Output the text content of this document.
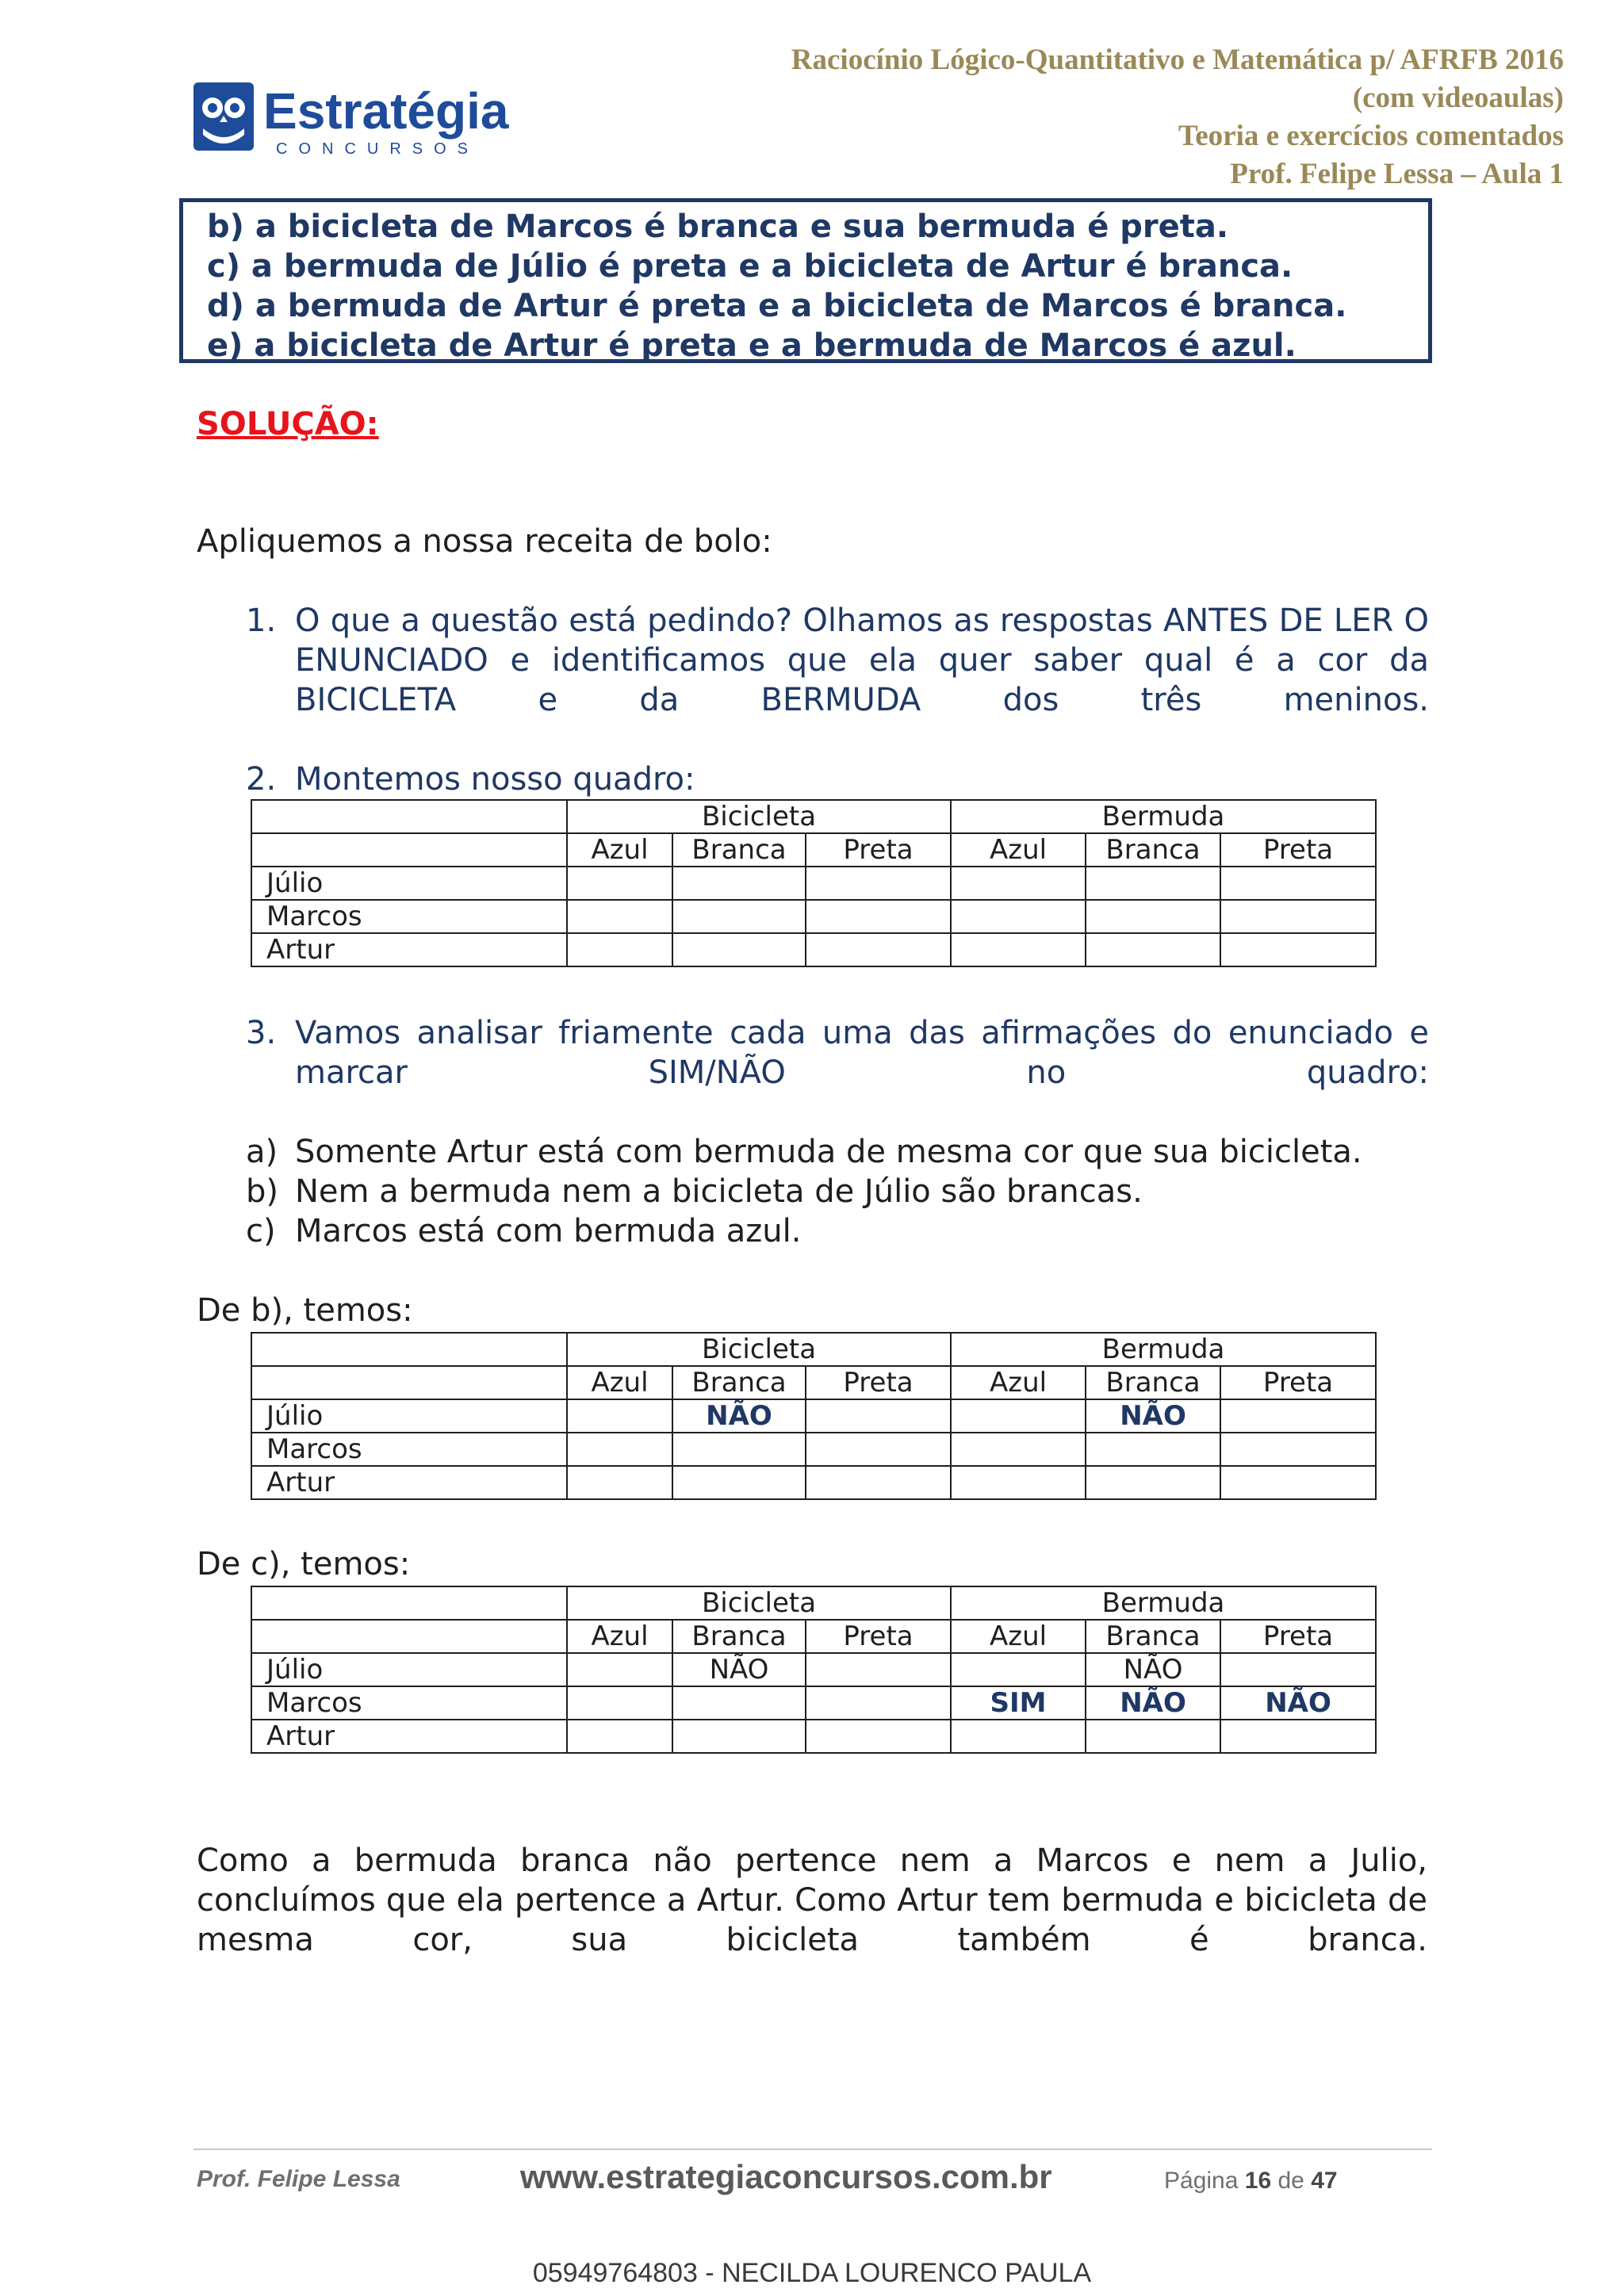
Estratégia
CONCURSOS
Raciocínio Lógico-Quantitativo e Matemática p/ AFRFB 2016
(com videoaulas)
Teoria e exercícios comentados
Prof. Felipe Lessa – Aula 1
b) a bicicleta de Marcos é branca e sua bermuda é preta.
c) a bermuda de Júlio é preta e a bicicleta de Artur é branca.
d) a bermuda de Artur é preta e a bicicleta de Marcos é branca.
e) a bicicleta de Artur é preta e a bermuda de Marcos é azul.
SOLUÇÃO:
Apliquemos a nossa receita de bolo:
1. O que a questão está pedindo? Olhamos as respostas ANTES DE LER O ENUNCIADO e identificamos que ela quer saber qual é a cor da BICICLETA e da BERMUDA dos três meninos.
2. Montemos nosso quadro:
	Bicicleta			Bermuda		
	Azul	Branca	Preta	Azul	Branca	Preta
Júlio						
Marcos						
Artur						
3. Vamos analisar friamente cada uma das afirmações do enunciado e marcar SIM/NÃO no quadro:
a) Somente Artur está com bermuda de mesma cor que sua bicicleta.
b) Nem a bermuda nem a bicicleta de Júlio são brancas.
c) Marcos está com bermuda azul.
De b), temos:
	Bicicleta			Bermuda		
	Azul	Branca	Preta	Azul	Branca	Preta
Júlio		NÃO			NÃO	
Marcos						
Artur						
De c), temos:
	Bicicleta			Bermuda		
	Azul	Branca	Preta	Azul	Branca	Preta
Júlio		NÃO			NÃO	
Marcos				SIM	NÃO	NÃO
Artur						
Como a bermuda branca não pertence nem a Marcos e nem a Julio, concluímos que ela pertence a Artur. Como Artur tem bermuda e bicicleta de mesma cor, sua bicicleta também é branca.
Prof. Felipe Lessa	www.estrategiaconcursos.com.br	Página 16 de 47
05949764803 - NECILDA LOURENCO PAULA
